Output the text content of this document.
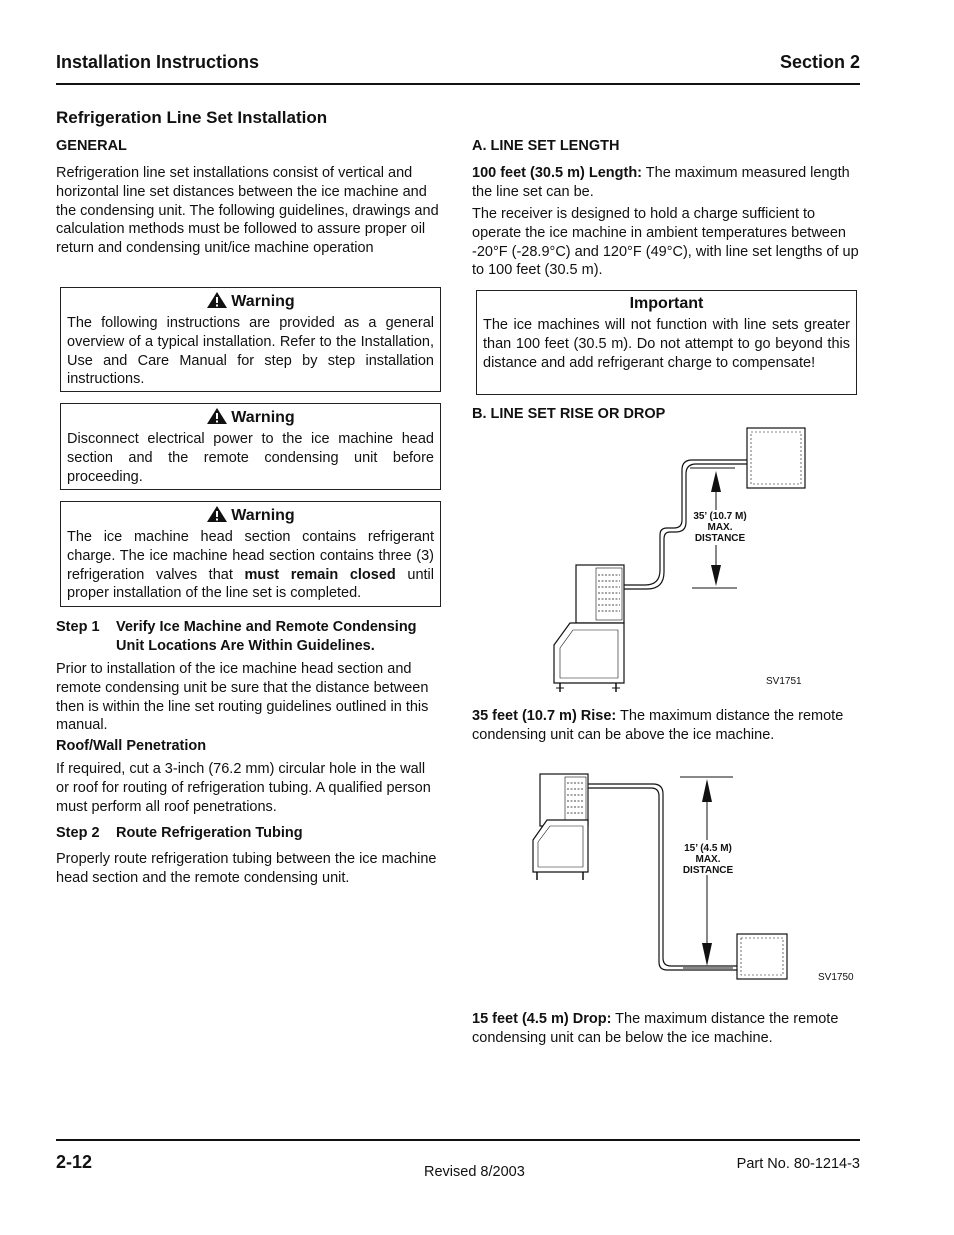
Installation Instructions	Section 2
Refrigeration Line Set Installation
GENERAL

Refrigeration line set installations consist of vertical and horizontal line set distances between the ice machine and the condensing unit. The following guidelines, drawings and calculation methods must be followed to assure proper oil return and condensing unit/ice machine operation

Warning
The following instructions are provided as a general overview of a typical installation. Refer to the Installation, Use and Care Manual for step by step installation instructions.
Warning
Disconnect electrical power to the ice machine head section and the remote condensing unit before proceeding.
Warning
The ice machine head section contains refrigerant charge. The ice machine head section contains three (3) refrigeration valves that must remain closed until proper installation of the line set is completed.
Step 1 Verify Ice Machine and Remote Condensing
Unit Locations Are Within Guidelines.

Prior to installation of the ice machine head section and remote condensing unit be sure that the distance between then is within the line set routing guidelines outlined in this manual.

Roof/Wall Penetration

If required, cut a 3-inch (76.2 mm) circular hole in the wall or roof for routing of refrigeration tubing. A qualified person must perform all roof penetrations.

Step 2 Route Refrigeration Tubing

Properly route refrigeration tubing between the ice machine head section and the remote condensing unit.

A. LINE SET LENGTH

100 feet (30.5 m) Length: The maximum measured length the line set can be.

The receiver is designed to hold a charge sufficient to operate the ice machine in ambient temperatures between -20°F (-28.9°C) and 120°F (49°C), with line set lengths of up to 100 feet (30.5 m).

Important
The ice machines will not function with line sets greater than 100 feet (30.5 m). Do not attempt to go beyond this distance and add refrigerant charge to compensate!
B. LINE SET RISE OR DROP
35’ (10.7 M)
MAX.
DISTANCE
SV1751

35 feet (10.7 m) Rise: The maximum distance the remote condensing unit can be above the ice machine.

15’ (4.5 M)
MAX.
DISTANCE
SV1750

15 feet (4.5 m) Drop: The maximum distance the remote condensing unit can be below the ice machine.

2-12	Revised 8/2003	Part No. 80-1214-3
